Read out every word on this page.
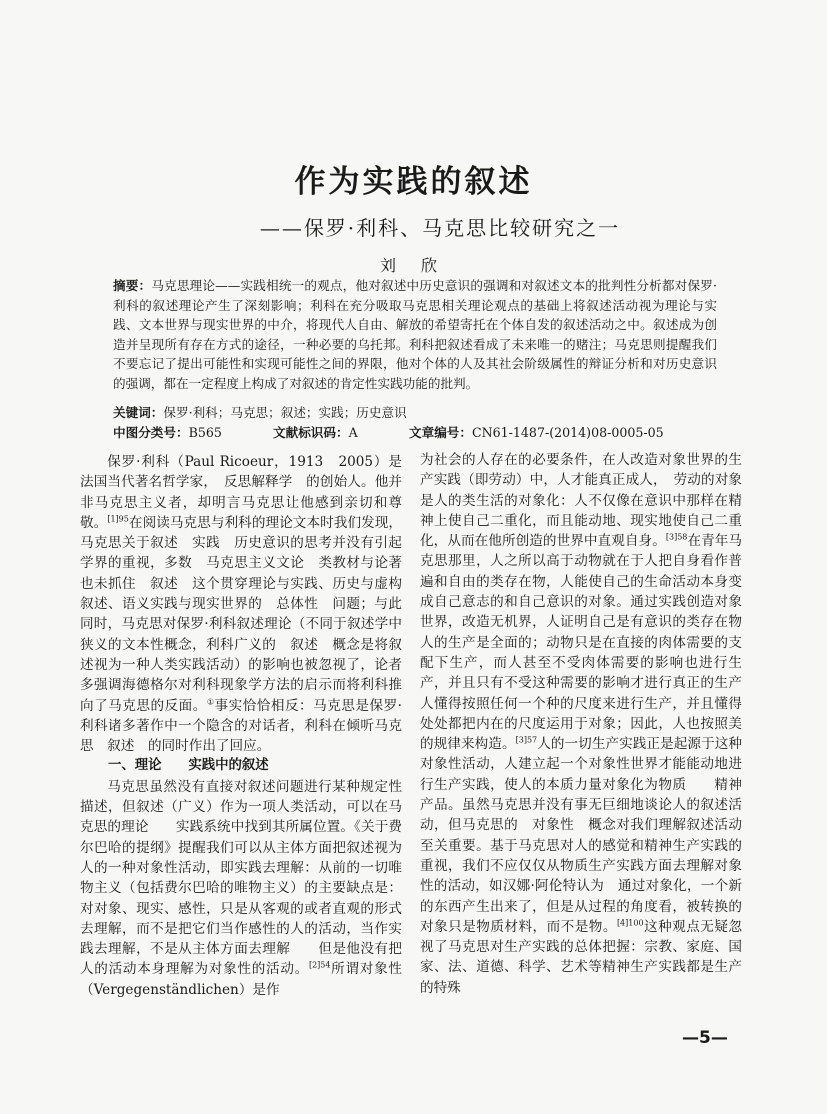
作为实践的叙述
——保罗·利科、马克思比较研究之一
刘 欣
摘要：马克思理论——实践相统一的观点，他对叙述中历史意识的强调和对叙述文本的批判性分析都对保罗·利科的叙述理论产生了深刻影响；利科在充分吸取马克思相关理论观点的基础上将叙述活动视为理论与实践、文本世界与现实世界的中介，将现代人自由、解放的希望寄托在个体自发的叙述活动之中。叙述成为创造并呈现所有存在方式的途径，一种必要的乌托邦。利科把叙述看成了未来唯一的赌注；马克思则提醒我们不要忘记了提出可能性和实现可能性之间的界限，他对个体的人及其社会阶级属性的辩证分析和对历史意识的强调，都在一定程度上构成了对叙述的肯定性实践功能的批判。
关键词：保罗·利科；马克思；叙述；实践；历史意识
中图分类号：B565	文献标识码：A	文章编号：CN61-1487-(2014)08-0005-05

保罗·利科（Paul Ricoeur，1913　2005）是法国当代著名哲学家，　反思解释学　的创始人。他并非马克思主义者，却明言马克思让他感到亲切和尊敬。$^{[1]95}$在阅读马克思与利科的理论文本时我们发现，马克思关于叙述　实践　历史意识的思考并没有引起学界的重视，多数　马克思主义文论　类教材与论著也未抓住　叙述　这个贯穿理论与实践、历史与虚构叙述、语义实践与现实世界的　总体性　问题；与此同时，马克思对保罗·利科叙述理论（不同于叙述学中狭义的文本性概念，利科广义的　叙述　概念是将叙述视为一种人类实践活动）的影响也被忽视了，论者多强调海德格尔对利科现象学方法的启示而将利科推向了马克思的反面。①事实恰恰相反：马克思是保罗·利科诸多著作中一个隐含的对话者，利科在倾听马克思　叙述　的同时作出了回应。

一、理论　　实践中的叙述

马克思虽然没有直接对叙述问题进行某种规定性描述，但叙述（广义）作为一项人类活动，可以在马克思的理论　　实践系统中找到其所属位置。《关于费尔巴哈的提纲》提醒我们可以从主体方面把叙述视为人的一种对象性活动，即实践去理解：从前的一切唯物主义（包括费尔巴哈的唯物主义）的主要缺点是：对对象、现实、感性，只是从客观的或者直观的形式去理解，而不是把它们当作感性的人的活动，当作实践去理解，不是从主体方面去理解　　但是他没有把人的活动本身理解为对象性的活动。$^{[2]54}$所谓对象性（Vergegenständlichen）是作

为社会的人存在的必要条件，在人改造对象世界的生产实践（即劳动）中，人才能真正成人，　劳动的对象是人的类生活的对象化：人不仅像在意识中那样在精神上使自己二重化，而且能动地、现实地使自己二重化，从而在他所创造的世界中直观自身。$^{[3]58}$在青年马克思那里，人之所以高于动物就在于人把自身看作普遍和自由的类存在物，人能使自己的生命活动本身变成自己意志的和自己意识的对象。通过实践创造对象世界，改造无机界，人证明自己是有意识的类存在物　　人的生产是全面的；动物只是在直接的肉体需要的支配下生产，而人甚至不受肉体需要的影响也进行生产，并且只有不受这种需要的影响才进行真正的生产　　人懂得按照任何一个种的尺度来进行生产，并且懂得处处都把内在的尺度运用于对象；因此，人也按照美的规律来构造。$^{[3]57}$人的一切生产实践正是起源于这种对象性活动，人建立起一个对象性世界才能能动地进行生产实践，使人的本质力量对象化为物质　　精神产品。虽然马克思并没有事无巨细地谈论人的叙述活动，但马克思的　对象性　概念对我们理解叙述活动至关重要。基于马克思对人的感觉和精神生产实践的重视，我们不应仅仅从物质生产实践方面去理解对象性的活动，如汉娜·阿伦特认为　通过对象化，一个新的东西产生出来了，但是从过程的角度看，被转换的对象只是物质材料，而不是物。$^{[4]100}$这种观点无疑忽视了马克思对生产实践的总体把握：宗教、家庭、国家、法、道德、科学、艺术等精神生产实践都是生产的特殊

—5—
